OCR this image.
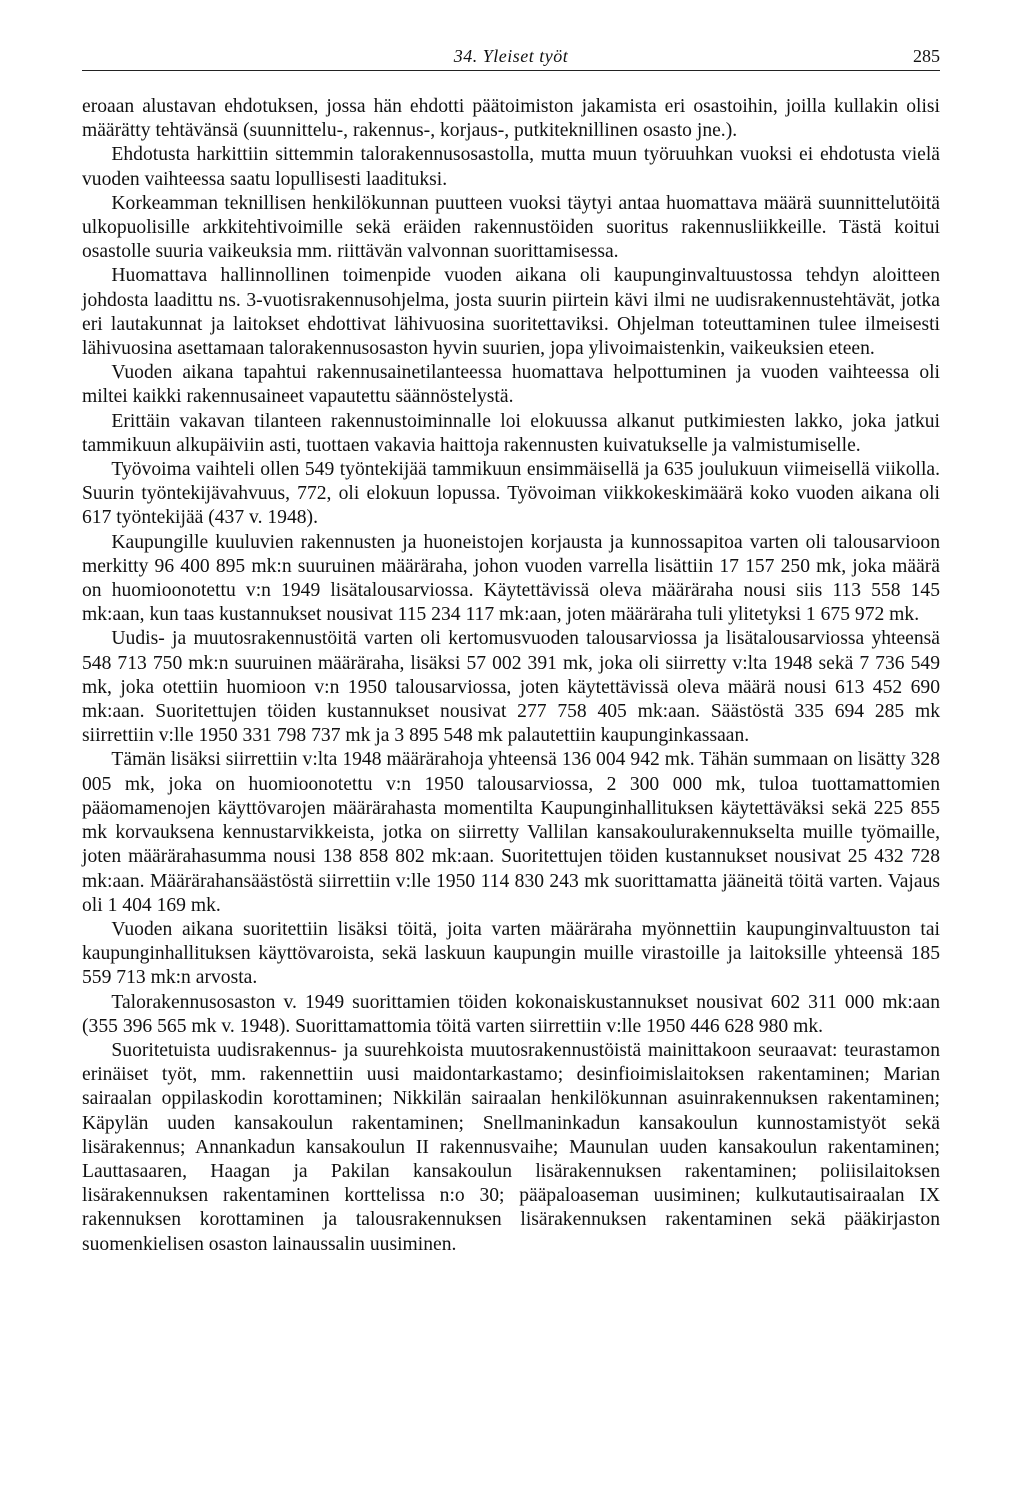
34. Yleiset työt	285

eroaan alustavan ehdotuksen, jossa hän ehdotti päätoimiston jakamista eri osastoihin, joilla kullakin olisi määrätty tehtävänsä (suunnittelu-, rakennus-, korjaus-, putkiteknillinen osasto jne.).

Ehdotusta harkittiin sittemmin talorakennusosastolla, mutta muun työruuhkan vuoksi ei ehdotusta vielä vuoden vaihteessa saatu lopullisesti laadituksi.

Korkeamman teknillisen henkilökunnan puutteen vuoksi täytyi antaa huomattava määrä suunnittelutöitä ulkopuolisille arkkitehtivoimille sekä eräiden rakennustöiden suoritus rakennusliikkeille. Tästä koitui osastolle suuria vaikeuksia mm. riittävän valvonnan suorittamisessa.

Huomattava hallinnollinen toimenpide vuoden aikana oli kaupunginvaltuustossa tehdyn aloitteen johdosta laadittu ns. 3-vuotisrakennusohjelma, josta suurin piirtein kävi ilmi ne uudisrakennustehtävät, jotka eri lautakunnat ja laitokset ehdottivat lähivuosina suoritettaviksi. Ohjelman toteuttaminen tulee ilmeisesti lähivuosina asettamaan talorakennusosaston hyvin suurien, jopa ylivoimaistenkin, vaikeuksien eteen.

Vuoden aikana tapahtui rakennusainetilanteessa huomattava helpottuminen ja vuoden vaihteessa oli miltei kaikki rakennusaineet vapautettu säännöstelystä.

Erittäin vakavan tilanteen rakennustoiminnalle loi elokuussa alkanut putkimiesten lakko, joka jatkui tammikuun alkupäiviin asti, tuottaen vakavia haittoja rakennusten kuivatukselle ja valmistumiselle.

Työvoima vaihteli ollen 549 työntekijää tammikuun ensimmäisellä ja 635 joulukuun viimeisellä viikolla. Suurin työntekijävahvuus, 772, oli elokuun lopussa. Työvoiman viikkokeskimäärä koko vuoden aikana oli 617 työntekijää (437 v. 1948).

Kaupungille kuuluvien rakennusten ja huoneistojen korjausta ja kunnossapitoa varten oli talousarvioon merkitty 96 400 895 mk:n suuruinen määräraha, johon vuoden varrella lisättiin 17 157 250 mk, joka määrä on huomioonotettu v:n 1949 lisätalousarviossa. Käytettävissä oleva määräraha nousi siis 113 558 145 mk:aan, kun taas kustannukset nousivat 115 234 117 mk:aan, joten määräraha tuli ylitetyksi 1 675 972 mk.

Uudis- ja muutosrakennustöitä varten oli kertomusvuoden talousarviossa ja lisätalousarviossa yhteensä 548 713 750 mk:n suuruinen määräraha, lisäksi 57 002 391 mk, joka oli siirretty v:lta 1948 sekä 7 736 549 mk, joka otettiin huomioon v:n 1950 talousarviossa, joten käytettävissä oleva määrä nousi 613 452 690 mk:aan. Suoritettujen töiden kustannukset nousivat 277 758 405 mk:aan. Säästöstä 335 694 285 mk siirrettiin v:lle 1950 331 798 737 mk ja 3 895 548 mk palautettiin kaupunginkassaan.

Tämän lisäksi siirrettiin v:lta 1948 määrärahoja yhteensä 136 004 942 mk. Tähän summaan on lisätty 328 005 mk, joka on huomioonotettu v:n 1950 talousarviossa, 2 300 000 mk, tuloa tuottamattomien pääomamenojen käyttövarojen määrärahasta momentilta Kaupunginhallituksen käytettäväksi sekä 225 855 mk korvauksena kennustarvikkeista, jotka on siirretty Vallilan kansakoulurakennukselta muille työmaille, joten määrärahasumma nousi 138 858 802 mk:aan. Suoritettujen töiden kustannukset nousivat 25 432 728 mk:aan. Määrärahansäästöstä siirrettiin v:lle 1950 114 830 243 mk suorittamatta jääneitä töitä varten. Vajaus oli 1 404 169 mk.

Vuoden aikana suoritettiin lisäksi töitä, joita varten määräraha myönnettiin kaupunginvaltuuston tai kaupunginhallituksen käyttövaroista, sekä laskuun kaupungin muille virastoille ja laitoksille yhteensä 185 559 713 mk:n arvosta.

Talorakennusosaston v. 1949 suorittamien töiden kokonaiskustannukset nousivat 602 311 000 mk:aan (355 396 565 mk v. 1948). Suorittamattomia töitä varten siirrettiin v:lle 1950 446 628 980 mk.

Suoritetuista uudisrakennus- ja suurehkoista muutosrakennustöistä mainittakoon seuraavat: teurastamon erinäiset työt, mm. rakennettiin uusi maidontarkastamo; desinfioimislaitoksen rakentaminen; Marian sairaalan oppilaskodin korottaminen; Nikkilän sairaalan henkilökunnan asuinrakennuksen rakentaminen; Käpylän uuden kansakoulun rakentaminen; Snellmaninkadun kansakoulun kunnostamistyöt sekä lisärakennus; Annankadun kansakoulun II rakennusvaihe; Maunulan uuden kansakoulun rakentaminen; Lauttasaaren, Haagan ja Pakilan kansakoulun lisärakennuksen rakentaminen; poliisilaitoksen lisärakennuksen rakentaminen korttelissa n:o 30; pääpaloaseman uusiminen; kulkutautisairaalan IX rakennuksen korottaminen ja talousrakennuksen lisärakennuksen rakentaminen sekä pääkirjaston suomenkielisen osaston lainaussalin uusiminen.
